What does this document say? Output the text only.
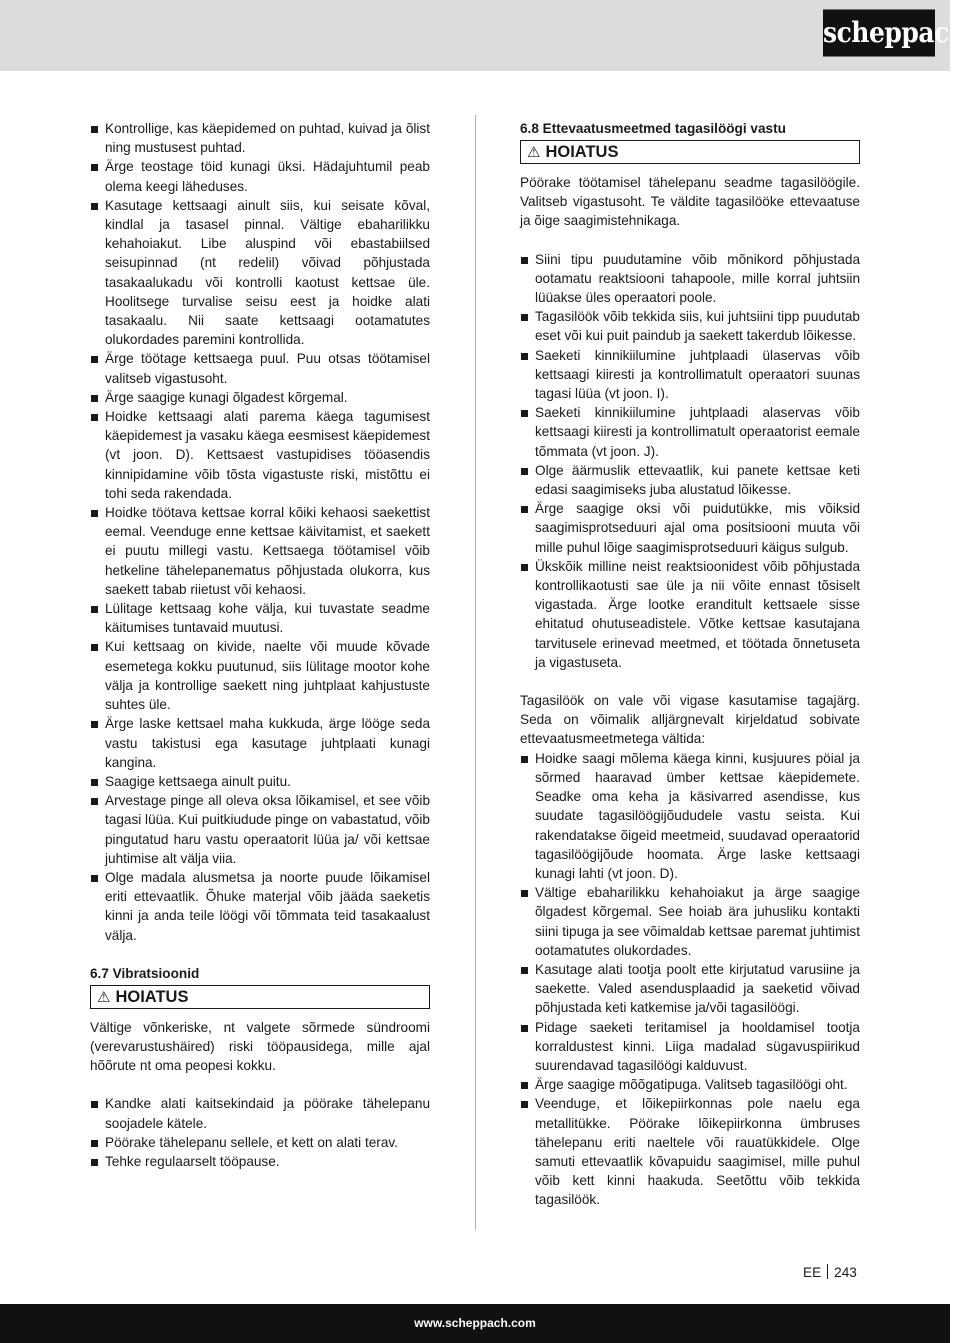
scheppach
Kontrollige, kas käepidemed on puhtad, kuivad ja õlist ning mustusest puhtad.
Ärge teostage töid kunagi üksi. Hädajuhtumil peab olema keegi läheduses.
Kasutage kettsaagi ainult siis, kui seisate kõval, kindlal ja tasasel pinnal. Vältige ebaharilikku kehahoiakut. Libe aluspind või ebastabiilsed seisupinnad (nt redelil) võivad põhjustada tasakaalukadu või kontrolli kaotust kettsae üle. Hoolitsege turvalise seisu eest ja hoidke alati tasakaalu. Nii saate kettsaagi ootamatutes olukordades paremini kontrollida.
Ärge töötage kettsaega puul. Puu otsas töötamisel valitseb vigastusoht.
Ärge saagige kunagi õlgadest kõrgemal.
Hoidke kettsaagi alati parema käega tagumisest käepidemest ja vasaku käega eesmisest käepidemest (vt joon. D). Kettsaest vastupidises tööasendis kinnipidamine võib tõsta vigastuste riski, mistõttu ei tohi seda rakendada.
Hoidke töötava kettsae korral kõiki kehaosi saekettist eemal. Veenduge enne kettsae käivitamist, et saekett ei puutu millegi vastu. Kettsaega töötamisel võib hetkeline tähelepanematus põhjustada olukorra, kus saekett tabab riietust või kehaosi.
Lülitage kettsaag kohe välja, kui tuvastate seadme käitumises tuntavaid muutusi.
Kui kettsaag on kivide, naelte või muude kõvade esemetega kokku puutunud, siis lülitage mootor kohe välja ja kontrollige saekett ning juhtplaat kahjustuste suhtes üle.
Ärge laske kettsael maha kukkuda, ärge lööge seda vastu takistusi ega kasutage juhtplaati kunagi kangina.
Saagige kettsaega ainult puitu.
Arvestage pinge all oleva oksa lõikamisel, et see võib tagasi lüüa. Kui puitkiudude pinge on vabastatud, võib pingutatud haru vastu operaatorit lüüa ja/ või kettsae juhtimise alt välja viia.
Olge madala alusmetsa ja noorte puude lõikamisel eriti ettevaatlik. Õhuke materjal võib jääda saeketis kinni ja anda teile löögi või tõmmata teid tasakaalust välja.
6.7 Vibratsioonid
⚠ HOIATUS

Vältige võnkeriske, nt valgete sõrmede sündroomi (verevarustushäired) riski tööpausidega, mille ajal hõõrute nt oma peopesi kokku.

Kandke alati kaitsekindaid ja pöörake tähelepanu soojadele kätele.
Pöörake tähelepanu sellele, et kett on alati terav.
Tehke regulaarselt tööpause.
6.8 Ettevaatusmeetmed tagasilöögi vastu
⚠ HOIATUS

Pöörake töötamisel tähelepanu seadme tagasilöögile. Valitseb vigastusoht. Te väldite tagasilööke ettevaatuse ja õige saagimistehnikaga.

Siini tipu puudutamine võib mõnikord põhjustada ootamatu reaktsiooni tahapoole, mille korral juhtsiin lüüakse üles operaatori poole.
Tagasilöök võib tekkida siis, kui juhtsiini tipp puudutab eset või kui puit paindub ja saekett takerdub lõikesse.
Saeketi kinnikiilumine juhtplaadi ülaservas võib kettsaagi kiiresti ja kontrollimatult operaatori suunas tagasi lüüa (vt joon. I).
Saeketi kinnikiilumine juhtplaadi alaservas võib kettsaagi kiiresti ja kontrollimatult operaatorist eemale tõmmata (vt joon. J).
Olge äärmuslik ettevaatlik, kui panete kettsae keti edasi saagimiseks juba alustatud lõikesse.
Ärge saagige oksi või puidutükke, mis võiksid saagimisprotseduuri ajal oma positsiooni muuta või mille puhul lõige saagimisprotseduuri käigus sulgub.
Ükskõik milline neist reaktsioonidest võib põhjustada kontrollikaotusti sae üle ja nii võite ennast tõsiselt vigastada. Ärge lootke eranditult kettsaele sisse ehitatud ohutuseadistele. Võtke kettsae kasutajana tarvitusele erinevad meetmed, et töötada õnnetuseta ja vigastuseta.

Tagasilöök on vale või vigase kasutamise tagajärg. Seda on võimalik alljärgnevalt kirjeldatud sobivate ettevaatusmeetmetega vältida:

Hoidke saagi mõlema käega kinni, kusjuures pöial ja sõrmed haaravad ümber kettsae käepidemete. Seadke oma keha ja käsivarred asendisse, kus suudate tagasilöögijõududele vastu seista. Kui rakendatakse õigeid meetmeid, suudavad operaatorid tagasilöögijõude hoomata. Ärge laske kettsaagi kunagi lahti (vt joon. D).
Vältige ebaharilikku kehahoiakut ja ärge saagige õlgadest kõrgemal. See hoiab ära juhusliku kontakti siini tipuga ja see võimaldab kettsae paremat juhtimist ootamatutes olukordades.
Kasutage alati tootja poolt ette kirjutatud varusiine ja saekette. Valed asendusplaadid ja saeketid võivad põhjustada keti katkemise ja/või tagasilöögi.
Pidage saeketi teritamisel ja hooldamisel tootja korraldustest kinni. Liiga madalad sügavuspiirikud suurendavad tagasilöögi kalduvust.
Ärge saagige mõõgatipuga. Valitseb tagasilöögi oht.
Veenduge, et lõikepiirkonnas pole naelu ega metallitükke. Pöörake lõikepiirkonna ümbruses tähelepanu eriti naeltele või rauatükkidele. Olge samuti ettevaatlik kõvapuidu saagimisel, mille puhul võib kett kinni haakuda. Seetõttu võib tekkida tagasilöök.
EE 243
www.scheppach.com
